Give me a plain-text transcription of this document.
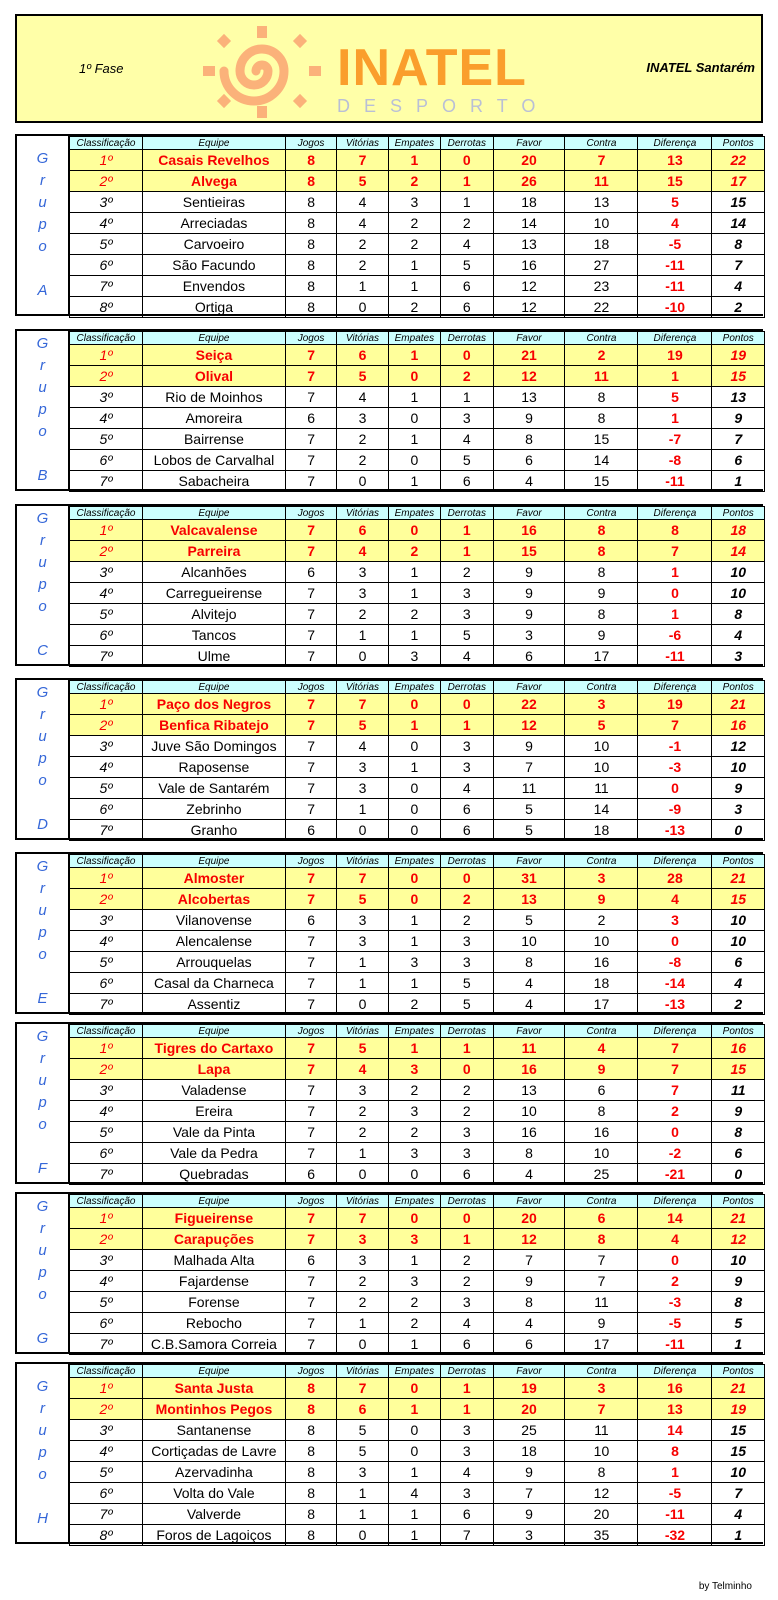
1º Fase	INATEL
DESPORTO
INATEL Santarém
G
r
u
p
o
A
Classificação	Equipe	Jogos	Vitórias	Empates	Derrotas	Favor	Contra	Diferença	Pontos
1º	Casais Revelhos	8	7	1	0	20	7	13	22
2º	Alvega	8	5	2	1	26	11	15	17
3º	Sentieiras	8	4	3	1	18	13	5	15
4º	Arreciadas	8	4	2	2	14	10	4	14
5º	Carvoeiro	8	2	2	4	13	18	-5	8
6º	São Facundo	8	2	1	5	16	27	-11	7
7º	Envendos	8	1	1	6	12	23	-11	4
8º	Ortiga	8	0	2	6	12	22	-10	2
G
r
u
p
o
B
Classificação	Equipe	Jogos	Vitórias	Empates	Derrotas	Favor	Contra	Diferença	Pontos
1º	Seiça	7	6	1	0	21	2	19	19
2º	Olival	7	5	0	2	12	11	1	15
3º	Rio de Moinhos	7	4	1	1	13	8	5	13
4º	Amoreira	6	3	0	3	9	8	1	9
5º	Bairrense	7	2	1	4	8	15	-7	7
6º	Lobos de Carvalhal	7	2	0	5	6	14	-8	6
7º	Sabacheira	7	0	1	6	4	15	-11	1
G
r
u
p
o
C
Classificação	Equipe	Jogos	Vitórias	Empates	Derrotas	Favor	Contra	Diferença	Pontos
1º	Valcavalense	7	6	0	1	16	8	8	18
2º	Parreira	7	4	2	1	15	8	7	14
3º	Alcanhões	6	3	1	2	9	8	1	10
4º	Carregueirense	7	3	1	3	9	9	0	10
5º	Alvitejo	7	2	2	3	9	8	1	8
6º	Tancos	7	1	1	5	3	9	-6	4
7º	Ulme	7	0	3	4	6	17	-11	3
G
r
u
p
o
D
Classificação	Equipe	Jogos	Vitórias	Empates	Derrotas	Favor	Contra	Diferença	Pontos
1º	Paço dos Negros	7	7	0	0	22	3	19	21
2º	Benfica Ribatejo	7	5	1	1	12	5	7	16
3º	Juve São Domingos	7	4	0	3	9	10	-1	12
4º	Raposense	7	3	1	3	7	10	-3	10
5º	Vale de Santarém	7	3	0	4	11	11	0	9
6º	Zebrinho	7	1	0	6	5	14	-9	3
7º	Granho	6	0	0	6	5	18	-13	0
G
r
u
p
o
E
Classificação	Equipe	Jogos	Vitórias	Empates	Derrotas	Favor	Contra	Diferença	Pontos
1º	Almoster	7	7	0	0	31	3	28	21
2º	Alcobertas	7	5	0	2	13	9	4	15
3º	Vilanovense	6	3	1	2	5	2	3	10
4º	Alencalense	7	3	1	3	10	10	0	10
5º	Arrouquelas	7	1	3	3	8	16	-8	6
6º	Casal da Charneca	7	1	1	5	4	18	-14	4
7º	Assentiz	7	0	2	5	4	17	-13	2
G
r
u
p
o
F
Classificação	Equipe	Jogos	Vitórias	Empates	Derrotas	Favor	Contra	Diferença	Pontos
1º	Tigres do Cartaxo	7	5	1	1	11	4	7	16
2º	Lapa	7	4	3	0	16	9	7	15
3º	Valadense	7	3	2	2	13	6	7	11
4º	Ereira	7	2	3	2	10	8	2	9
5º	Vale da Pinta	7	2	2	3	16	16	0	8
6º	Vale da Pedra	7	1	3	3	8	10	-2	6
7º	Quebradas	6	0	0	6	4	25	-21	0
G
r
u
p
o
G
Classificação	Equipe	Jogos	Vitórias	Empates	Derrotas	Favor	Contra	Diferença	Pontos
1º	Figueirense	7	7	0	0	20	6	14	21
2º	Carapuções	7	3	3	1	12	8	4	12
3º	Malhada Alta	6	3	1	2	7	7	0	10
4º	Fajardense	7	2	3	2	9	7	2	9
5º	Forense	7	2	2	3	8	11	-3	8
6º	Rebocho	7	1	2	4	4	9	-5	5
7º	C.B.Samora Correia	7	0	1	6	6	17	-11	1
G
r
u
p
o
H
Classificação	Equipe	Jogos	Vitórias	Empates	Derrotas	Favor	Contra	Diferença	Pontos
1º	Santa Justa	8	7	0	1	19	3	16	21
2º	Montinhos Pegos	8	6	1	1	20	7	13	19
3º	Santanense	8	5	0	3	25	11	14	15
4º	Cortiçadas de Lavre	8	5	0	3	18	10	8	15
5º	Azervadinha	8	3	1	4	9	8	1	10
6º	Volta do Vale	8	1	4	3	7	12	-5	7
7º	Valverde	8	1	1	6	9	20	-11	4
8º	Foros de Lagoiços	8	0	1	7	3	35	-32	1
by Telminho
